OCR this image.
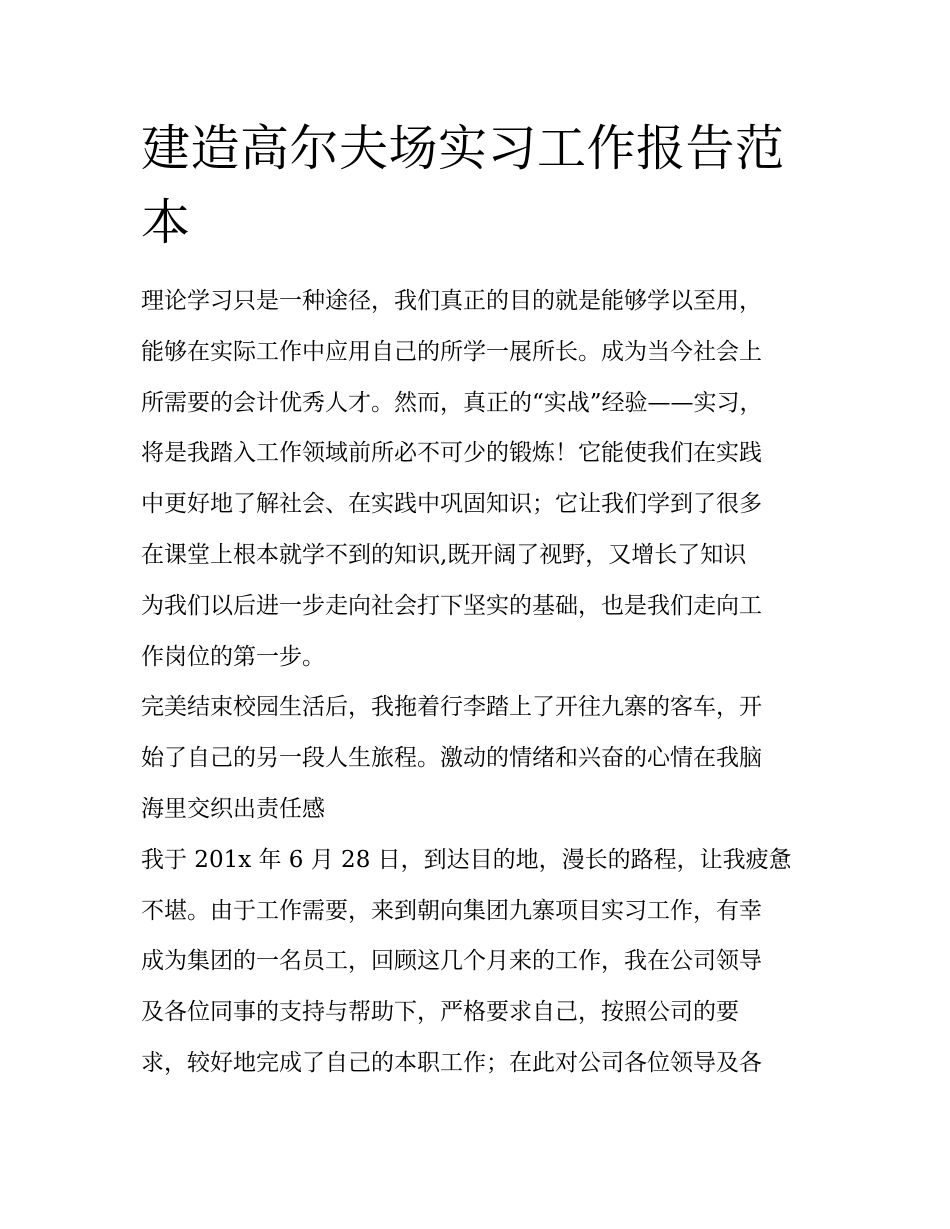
建造高尔夫场实习工作报告范
本
理论学习只是一种途径，我们真正的目的就是能够学以至用，
能够在实际工作中应用自己的所学一展所长。成为当今社会上
所需要的会计优秀人才。然而，真正的“实战”经验——实习，
将是我踏入工作领域前所必不可少的锻炼！它能使我们在实践
中更好地了解社会、在实践中巩固知识；它让我们学到了很多
在课堂上根本就学不到的知识,既开阔了视野，又增长了知识
为我们以后进一步走向社会打下坚实的基础，也是我们走向工
作岗位的第一步。
完美结束校园生活后，我拖着行李踏上了开往九寨的客车，开
始了自己的另一段人生旅程。激动的情绪和兴奋的心情在我脑
海里交织出责任感
我于 201x 年 6 月 28 日，到达目的地，漫长的路程，让我疲惫
不堪。由于工作需要，来到朝向集团九寨项目实习工作，有幸
成为集团的一名员工，回顾这几个月来的工作，我在公司领导
及各位同事的支持与帮助下，严格要求自己，按照公司的要
求，较好地完成了自己的本职工作；在此对公司各位领导及各
